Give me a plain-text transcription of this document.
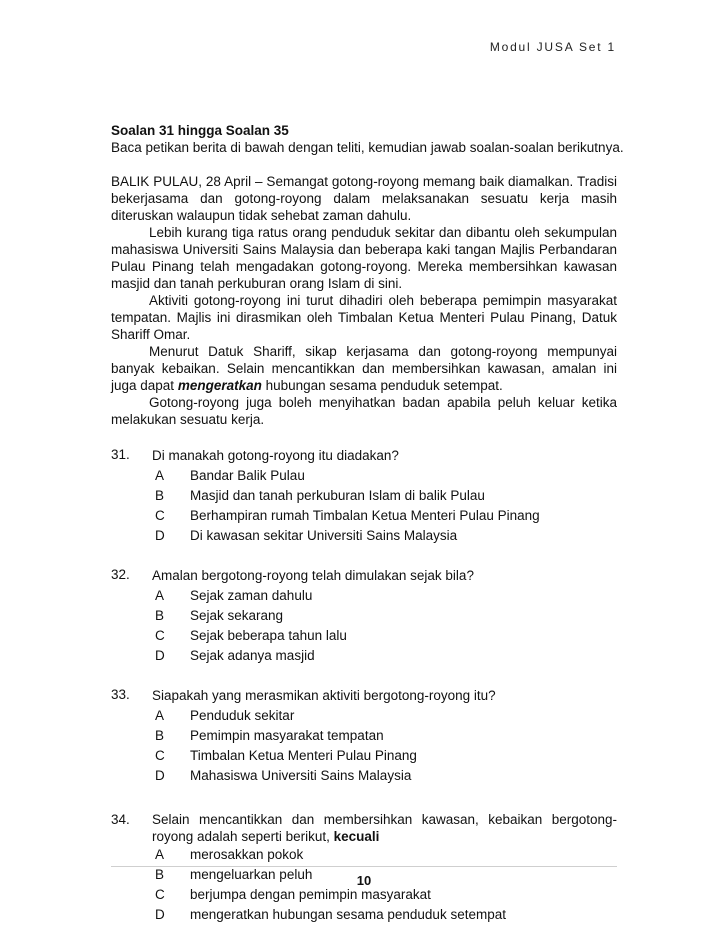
Modul JUSA Set 1
Soalan 31 hingga Soalan 35
Baca petikan berita di bawah dengan teliti, kemudian jawab soalan-soalan berikutnya.
BALIK PULAU, 28 April – Semangat gotong-royong memang baik diamalkan. Tradisi bekerjasama dan gotong-royong dalam melaksanakan sesuatu kerja masih diteruskan walaupun tidak sehebat zaman dahulu.
Lebih kurang tiga ratus orang penduduk sekitar dan dibantu oleh sekumpulan mahasiswa Universiti Sains Malaysia dan beberapa kaki tangan Majlis Perbandaran Pulau Pinang telah mengadakan gotong-royong. Mereka membersihkan kawasan masjid dan tanah perkuburan orang Islam di sini.
Aktiviti gotong-royong ini turut dihadiri oleh beberapa pemimpin masyarakat tempatan. Majlis ini dirasmikan oleh Timbalan Ketua Menteri Pulau Pinang, Datuk Shariff Omar.
Menurut Datuk Shariff, sikap kerjasama dan gotong-royong mempunyai banyak kebaikan. Selain mencantikkan dan membersihkan kawasan, amalan ini juga dapat mengeratkan hubungan sesama penduduk setempat.
Gotong-royong juga boleh menyihatkan badan apabila peluh keluar ketika melakukan sesuatu kerja.
31. Di manakah gotong-royong itu diadakan?
A Bandar Balik Pulau
B Masjid dan tanah perkuburan Islam di balik Pulau
C Berhampiran rumah Timbalan Ketua Menteri Pulau Pinang
D Di kawasan sekitar Universiti Sains Malaysia
32. Amalan bergotong-royong telah dimulakan sejak bila?
A Sejak zaman dahulu
B Sejak sekarang
C Sejak beberapa tahun lalu
D Sejak adanya masjid
33. Siapakah yang merasmikan aktiviti bergotong-royong itu?
A Penduduk sekitar
B Pemimpin masyarakat tempatan
C Timbalan Ketua Menteri Pulau Pinang
D Mahasiswa Universiti Sains Malaysia
34. Selain mencantikkan dan membersihkan kawasan, kebaikan bergotong-royong adalah seperti berikut, kecuali
A merosakkan pokok
B mengeluarkan peluh
C berjumpa dengan pemimpin masyarakat
D mengeratkan hubungan sesama penduduk setempat
10
